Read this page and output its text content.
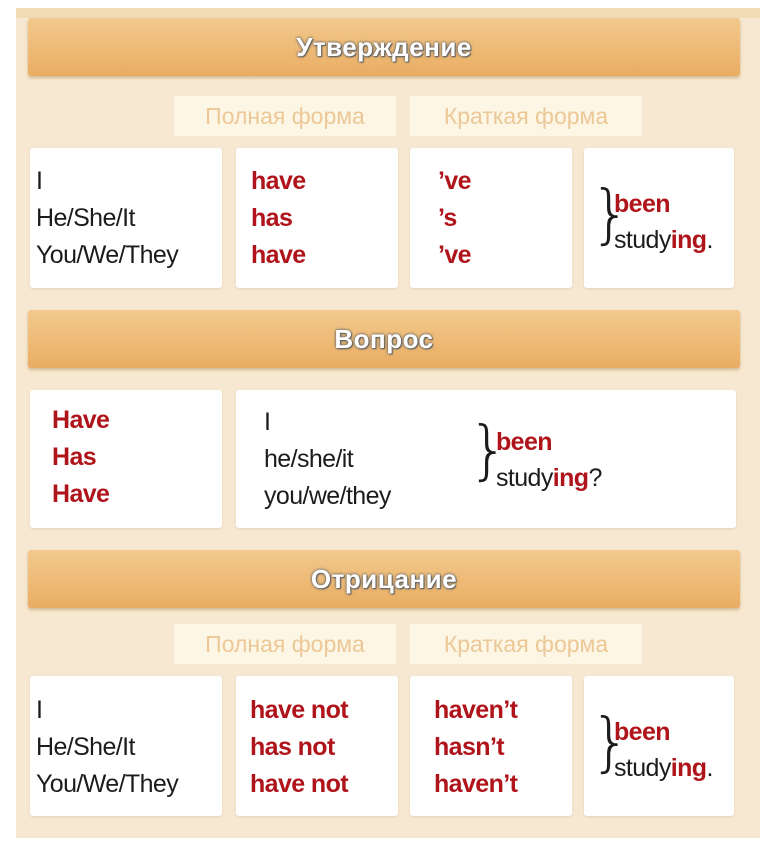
Утверждение
Полная форма	Краткая форма
I
He/She/It
You/We/They
have
has
have
’ve
’s
’ve
}
been
studying.
Вопрос
Have
Has
Have
I
he/she/it
you/we/they
}
been
studying?
Отрицание
Полная форма	Краткая форма
I
He/She/It
You/We/They
have not
has not
have not
haven’t
hasn’t
haven’t
}
been
studying.
